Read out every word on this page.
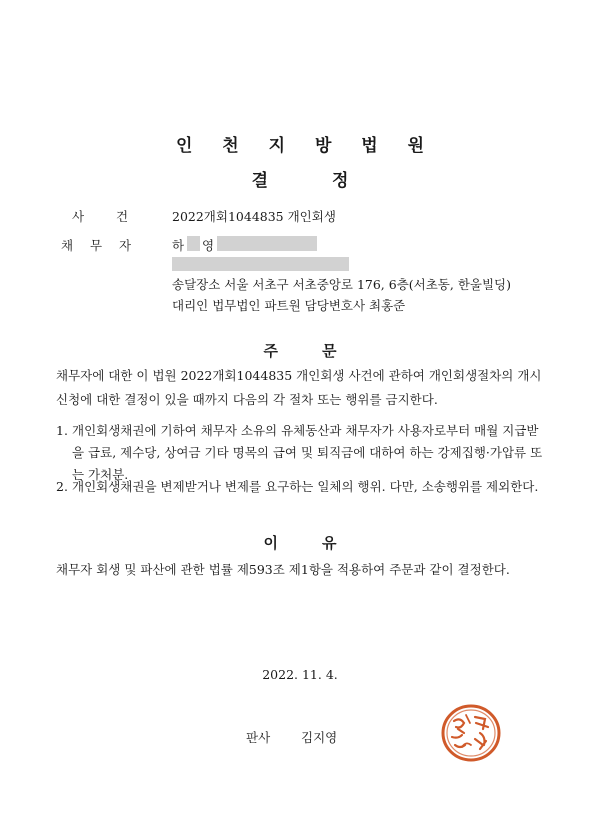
인 천 지 방 법 원
결	정
사	건	2022개회1044835 개인회생
채 무 자	하 영
송달장소 서울 서초구 서초중앙로 176, 6층(서초동, 한울빌딩)
대리인 법무법인 파트원 담당변호사 최홍준
주	문
채무자에 대한 이 법원 2022개회1044835 개인회생 사건에 관하여 개인회생절차의 개시신청에 대한 결정이 있을 때까지 다음의 각 절차 또는 행위를 금지한다.
1. 개인회생채권에 기하여 채무자 소유의 유체동산과 채무자가 사용자로부터 매월 지급받을 급료, 제수당, 상여금 기타 명목의 급여 및 퇴직금에 대하여 하는 강제집행·가압류 또는 가처분.
2. 개인회생채권을 변제받거나 변제를 요구하는 일체의 행위. 다만, 소송행위를 제외한다.
이	유
채무자 회생 및 파산에 관한 법률 제593조 제1항을 적용하여 주문과 같이 결정한다.
2022. 11. 4.
판사 김지영
